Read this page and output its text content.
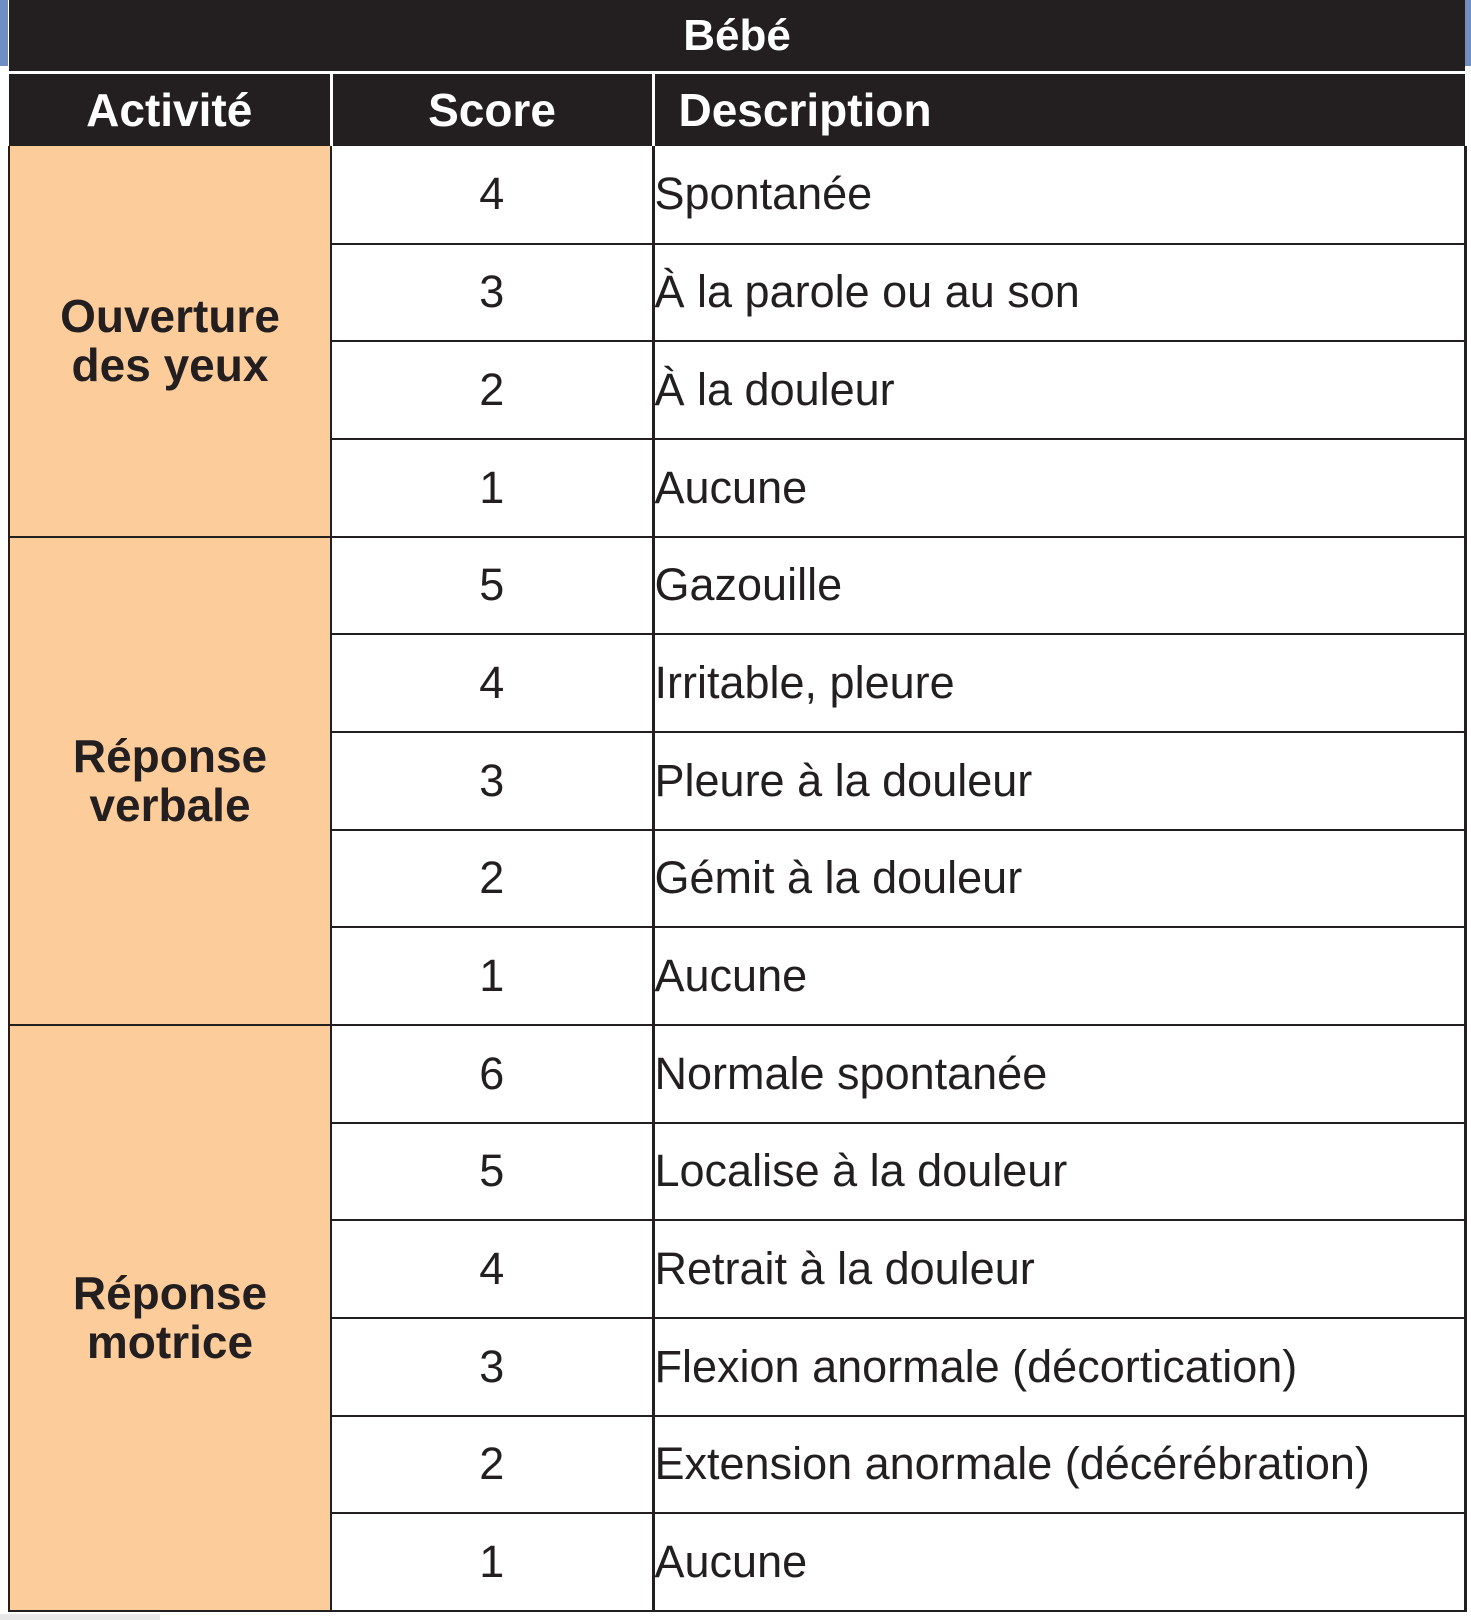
Bébé		
Activité	Score	Description

Ouverture des yeux	4	Spontanée
	3	À la parole ou au son
	2	À la douleur
	1	Aucune

Réponse verbale	5	Gazouille
	4	Irritable, pleure
	3	Pleure à la douleur
	2	Gémit à la douleur
	1	Aucune

Réponse motrice	6	Normale spontanée
	5	Localise à la douleur
	4	Retrait à la douleur
	3	Flexion anormale (décortication)
	2	Extension anormale (décérébration)
	1	Aucune
